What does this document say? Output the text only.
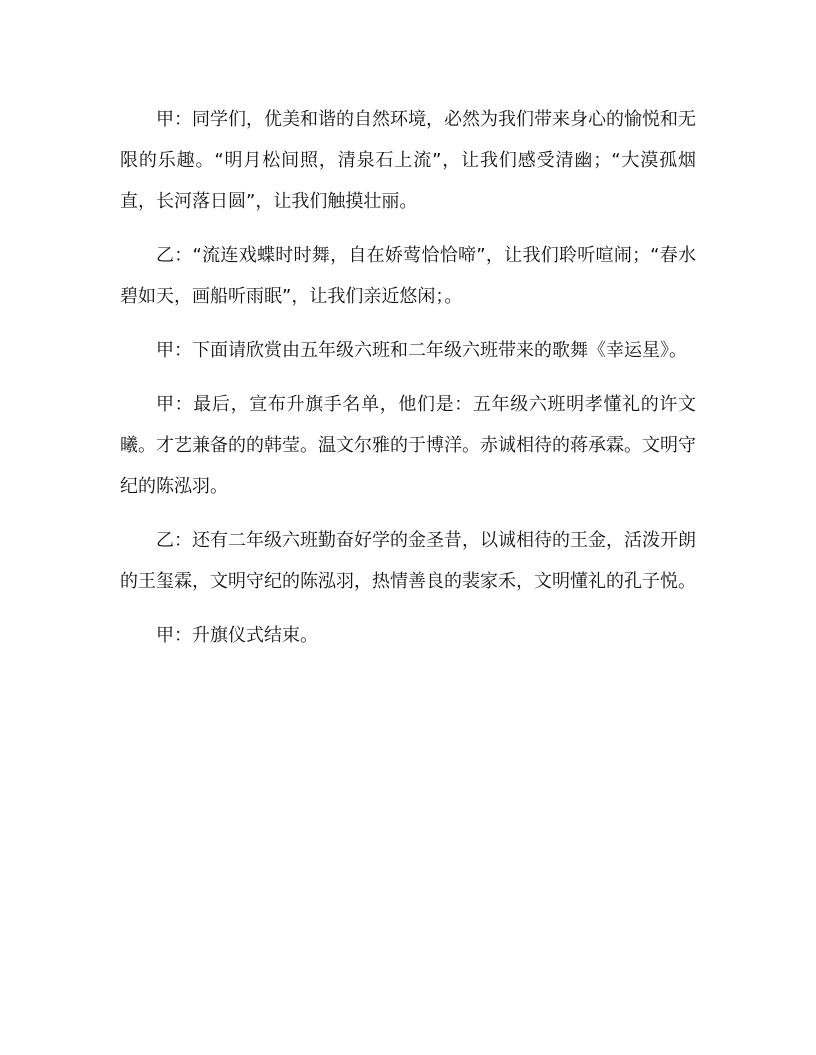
甲：同学们，优美和谐的自然环境，必然为我们带来身心的愉悦和无限的乐趣。“明月松间照，清泉石上流”，让我们感受清幽；“大漠孤烟直，长河落日圆”，让我们触摸壮丽。

乙：“流连戏蝶时时舞，自在娇莺恰恰啼”，让我们聆听喧闹；“春水碧如天，画船听雨眠”，让我们亲近悠闲；。

甲：下面请欣赏由五年级六班和二年级六班带来的歌舞《幸运星》。

甲：最后，宣布升旗手名单，他们是：五年级六班明孝懂礼的许文曦。才艺兼备的的韩莹。温文尔雅的于博洋。赤诚相待的蒋承霖。文明守纪的陈泓羽。

乙：还有二年级六班勤奋好学的金圣昔，以诚相待的王金，活泼开朗的王玺霖，文明守纪的陈泓羽，热情善良的裴家禾，文明懂礼的孔子悦。

甲：升旗仪式结束。
